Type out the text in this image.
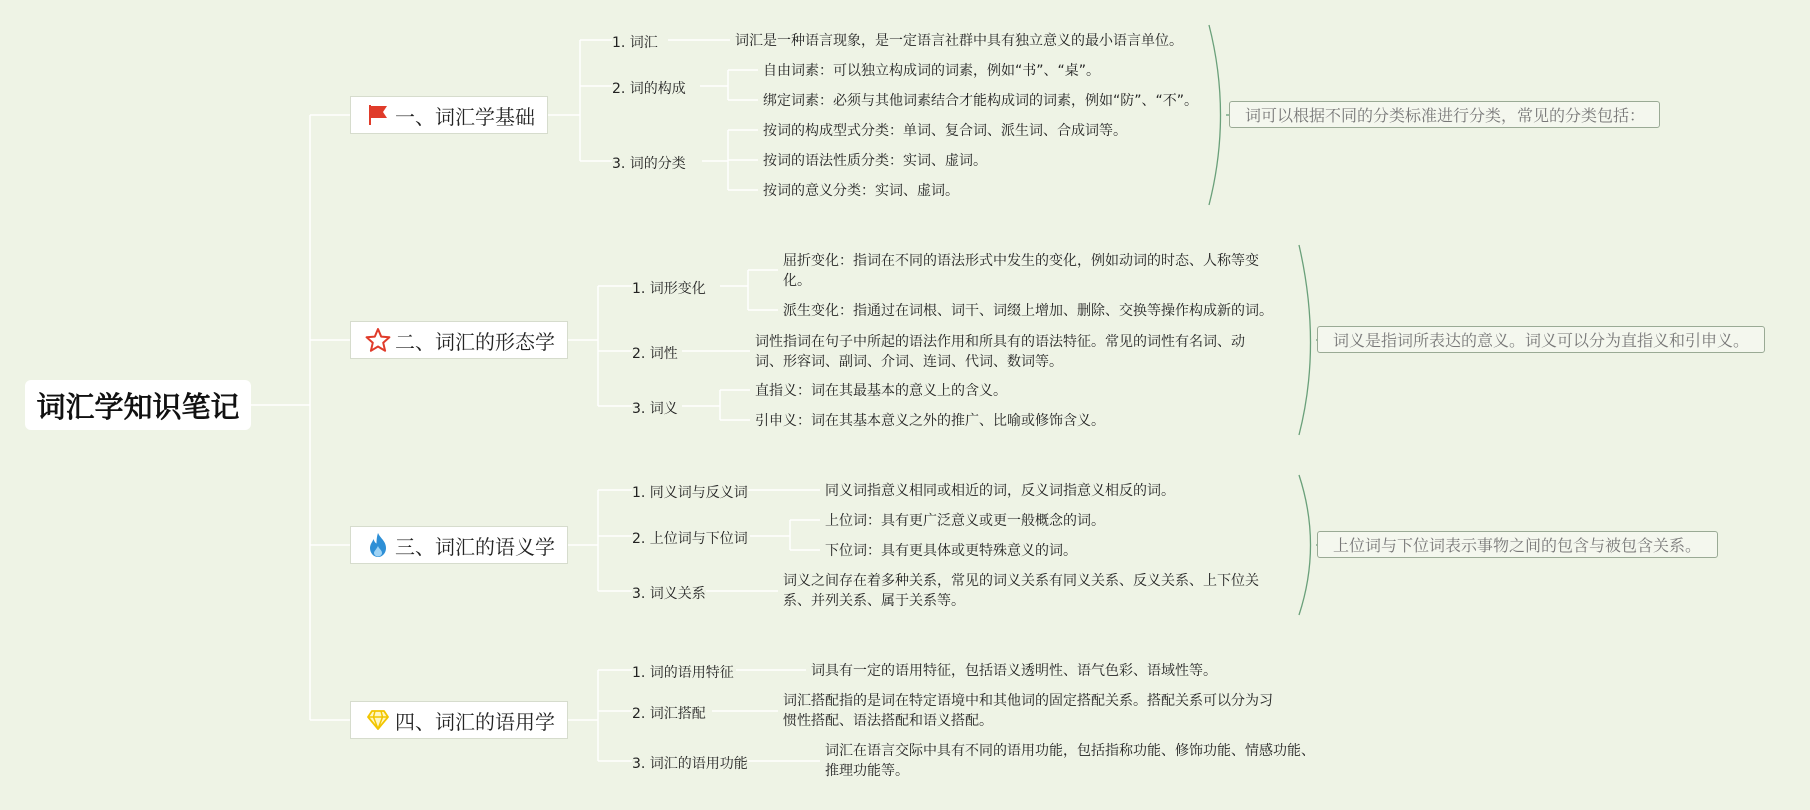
词汇学知识笔记
一、词汇学基础
1. 词汇
2. 词的构成
3. 词的分类
词汇是一种语言现象，是一定语言社群中具有独立意义的最小语言单位。
自由词素：可以独立构成词的词素，例如“书”、“桌”。
绑定词素：必须与其他词素结合才能构成词的词素，例如“防”、“不”。
按词的构成型式分类：单词、复合词、派生词、合成词等。
按词的语法性质分类：实词、虚词。
按词的意义分类：实词、虚词。
词可以根据不同的分类标准进行分类，常见的分类包括：
二、词汇的形态学
1. 词形变化
2. 词性
3. 词义
屈折变化：指词在不同的语法形式中发生的变化，例如动词的时态、人称等变化。
派生变化：指通过在词根、词干、词缀上增加、删除、交换等操作构成新的词。
词性指词在句子中所起的语法作用和所具有的语法特征。常见的词性有名词、动词、形容词、副词、介词、连词、代词、数词等。
直指义：词在其最基本的意义上的含义。
引申义：词在其基本意义之外的推广、比喻或修饰含义。
词义是指词所表达的意义。词义可以分为直指义和引申义。
三、词汇的语义学
1. 同义词与反义词
2. 上位词与下位词
3. 词义关系
同义词指意义相同或相近的词，反义词指意义相反的词。
上位词：具有更广泛意义或更一般概念的词。
下位词：具有更具体或更特殊意义的词。
词义之间存在着多种关系，常见的词义关系有同义关系、反义关系、上下位关系、并列关系、属于关系等。
上位词与下位词表示事物之间的包含与被包含关系。
四、词汇的语用学
1. 词的语用特征
2. 词汇搭配
3. 词汇的语用功能
词具有一定的语用特征，包括语义透明性、语气色彩、语域性等。
词汇搭配指的是词在特定语境中和其他词的固定搭配关系。搭配关系可以分为习惯性搭配、语法搭配和语义搭配。
词汇在语言交际中具有不同的语用功能，包括指称功能、修饰功能、情感功能、推理功能等。
